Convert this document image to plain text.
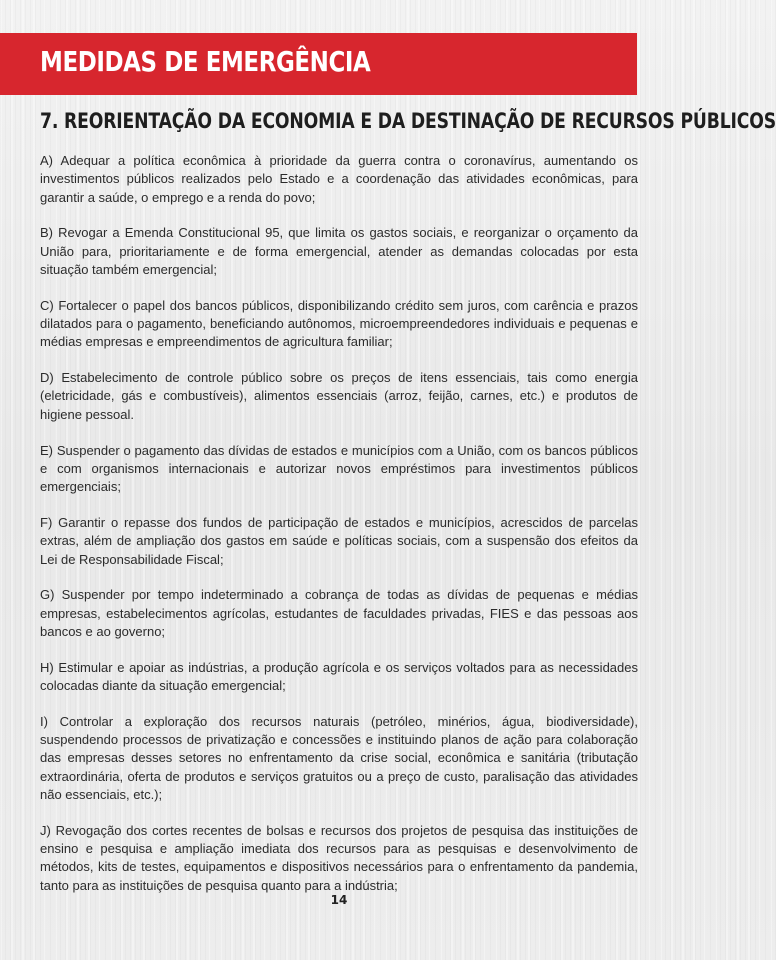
MEDIDAS DE EMERGÊNCIA
7. REORIENTAÇÃO DA ECONOMIA E DA DESTINAÇÃO DE RECURSOS PÚBLICOS

A) Adequar a política econômica à prioridade da guerra contra o coronavírus, aumentando os investimentos públicos realizados pelo Estado e a coordenação das atividades econômicas, para garantir a saúde, o emprego e a renda do povo;

B) Revogar a Emenda Constitucional 95, que limita os gastos sociais, e reorganizar o orçamento da União para, prioritariamente e de forma emergencial, atender as demandas colocadas por esta situação também emergencial;

C) Fortalecer o papel dos bancos públicos, disponibilizando crédito sem juros, com carência e prazos dilatados para o pagamento, beneficiando autônomos, microempreendedores individuais e pequenas e médias empresas e empreendimentos de agricultura familiar;

D) Estabelecimento de controle público sobre os preços de itens essenciais, tais como energia (eletricidade, gás e combustíveis), alimentos essenciais (arroz, feijão, carnes, etc.) e produtos de higiene pessoal.

E) Suspender o pagamento das dívidas de estados e municípios com a União, com os bancos públicos e com organismos internacionais e autorizar novos empréstimos para investimentos públicos emergenciais;

F) Garantir o repasse dos fundos de participação de estados e municípios, acrescidos de parcelas extras, além de ampliação dos gastos em saúde e políticas sociais, com a suspensão dos efeitos da Lei de Responsabilidade Fiscal;

G) Suspender por tempo indeterminado a cobrança de todas as dívidas de pequenas e médias empresas, estabelecimentos agrícolas, estudantes de faculdades privadas, FIES e das pessoas aos bancos e ao governo;

H) Estimular e apoiar as indústrias, a produção agrícola e os serviços voltados para as necessidades colocadas diante da situação emergencial;

I) Controlar a exploração dos recursos naturais (petróleo, minérios, água, biodiversidade), suspendendo processos de privatização e concessões e instituindo planos de ação para colaboração das empresas desses setores no enfrentamento da crise social, econômica e sanitária (tributação extraordinária, oferta de produtos e serviços gratuitos ou a preço de custo, paralisação das atividades não essenciais, etc.);

J) Revogação dos cortes recentes de bolsas e recursos dos projetos de pesquisa das instituições de ensino e pesquisa e ampliação imediata dos recursos para as pesquisas e desenvolvimento de métodos, kits de testes, equipamentos e dispositivos necessários para o enfrentamento da pandemia, tanto para as instituições de pesquisa quanto para a indústria;

14
